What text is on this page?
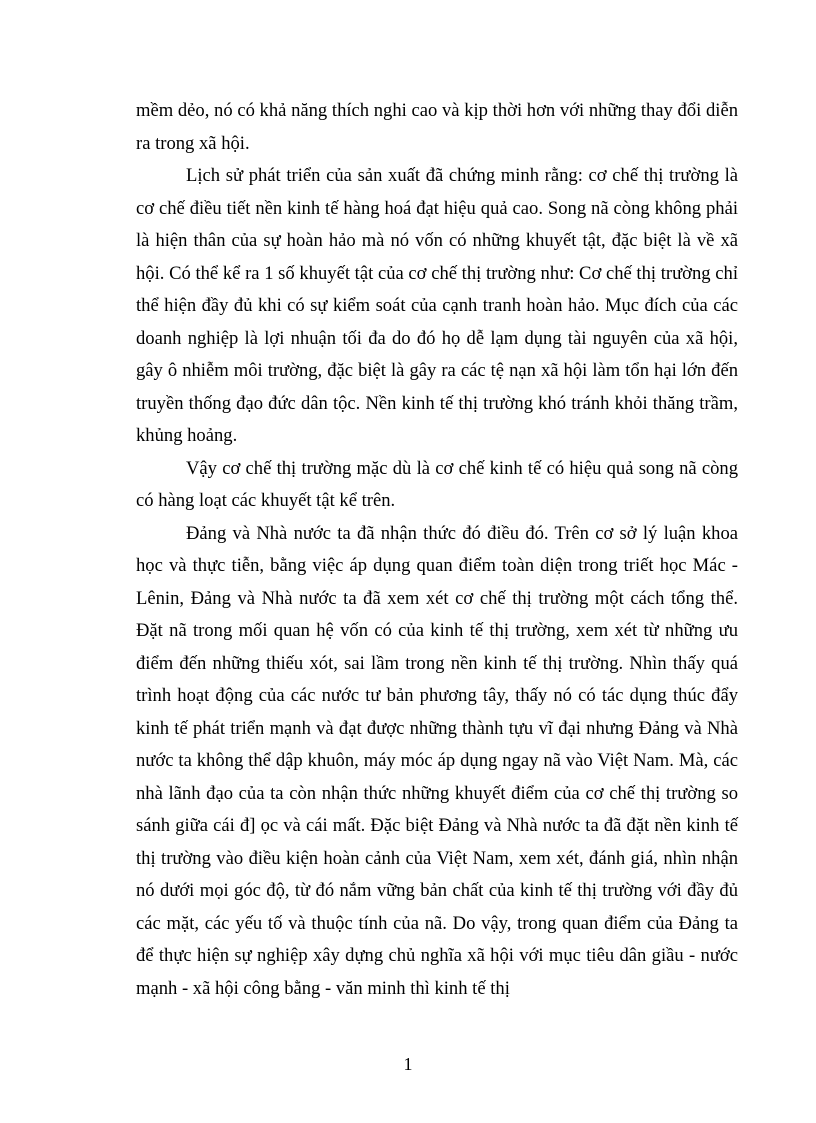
mềm dẻo, nó có khả năng thích nghi cao và kịp thời hơn với những thay đổi diễn ra trong xã hội.

Lịch sử phát triển của sản xuất đã chứng minh rằng: cơ chế thị trường là cơ chế điều tiết nền kinh tế hàng hoá đạt hiệu quả cao. Song nã còng không phải là hiện thân của sự hoàn hảo mà nó vốn có những khuyết tật, đặc biệt là về xã hội. Có thể kể ra 1 số khuyết tật của cơ chế thị trường như: Cơ chế thị trường chỉ thể hiện đầy đủ khi có sự kiểm soát của cạnh tranh hoàn hảo. Mục đích của các doanh nghiệp là lợi nhuận tối đa do đó họ dễ lạm dụng tài nguyên của xã hội, gây ô nhiễm môi trường, đặc biệt là gây ra các tệ nạn xã hội làm tổn hại lớn đến truyền thống đạo đức dân tộc. Nền kinh tế thị trường khó tránh khỏi thăng trầm, khủng hoảng.

Vậy cơ chế thị trường mặc dù là cơ chế kinh tế có hiệu quả song nã còng có hàng loạt các khuyết tật kể trên.

Đảng và Nhà nước ta đã nhận thức đó điều đó. Trên cơ sở lý luận khoa học và thực tiễn, bằng việc áp dụng quan điểm toàn diện trong triết học Mác - Lênin, Đảng và Nhà nước ta đã xem xét cơ chế thị trường một cách tổng thể. Đặt nã trong mối quan hệ vốn có của kinh tế thị trường, xem xét từ những ưu điểm đến những thiếu xót, sai lầm trong nền kinh tế thị trường. Nhìn thấy quá trình hoạt động của các nước tư bản phương tây, thấy nó có tác dụng thúc đẩy kinh tế phát triển mạnh và đạt được những thành tựu vĩ đại nhưng Đảng và Nhà nước ta không thể dập khuôn, máy móc áp dụng ngay nã vào Việt Nam. Mà, các nhà lãnh đạo của ta còn nhận thức những khuyết điểm của cơ chế thị trường so sánh giữa cái đ] ọc và cái mất. Đặc biệt Đảng và Nhà nước ta đã đặt nền kinh tế thị trường vào điều kiện hoàn cảnh của Việt Nam, xem xét, đánh giá, nhìn nhận nó dưới mọi góc độ, từ đó nắm vững bản chất của kinh tế thị trường với đầy đủ các mặt, các yếu tố và thuộc tính của nã. Do vậy, trong quan điểm của Đảng ta để thực hiện sự nghiệp xây dựng chủ nghĩa xã hội với mục tiêu dân giầu - nước mạnh - xã hội công bằng - văn minh thì kinh tế thị

1
